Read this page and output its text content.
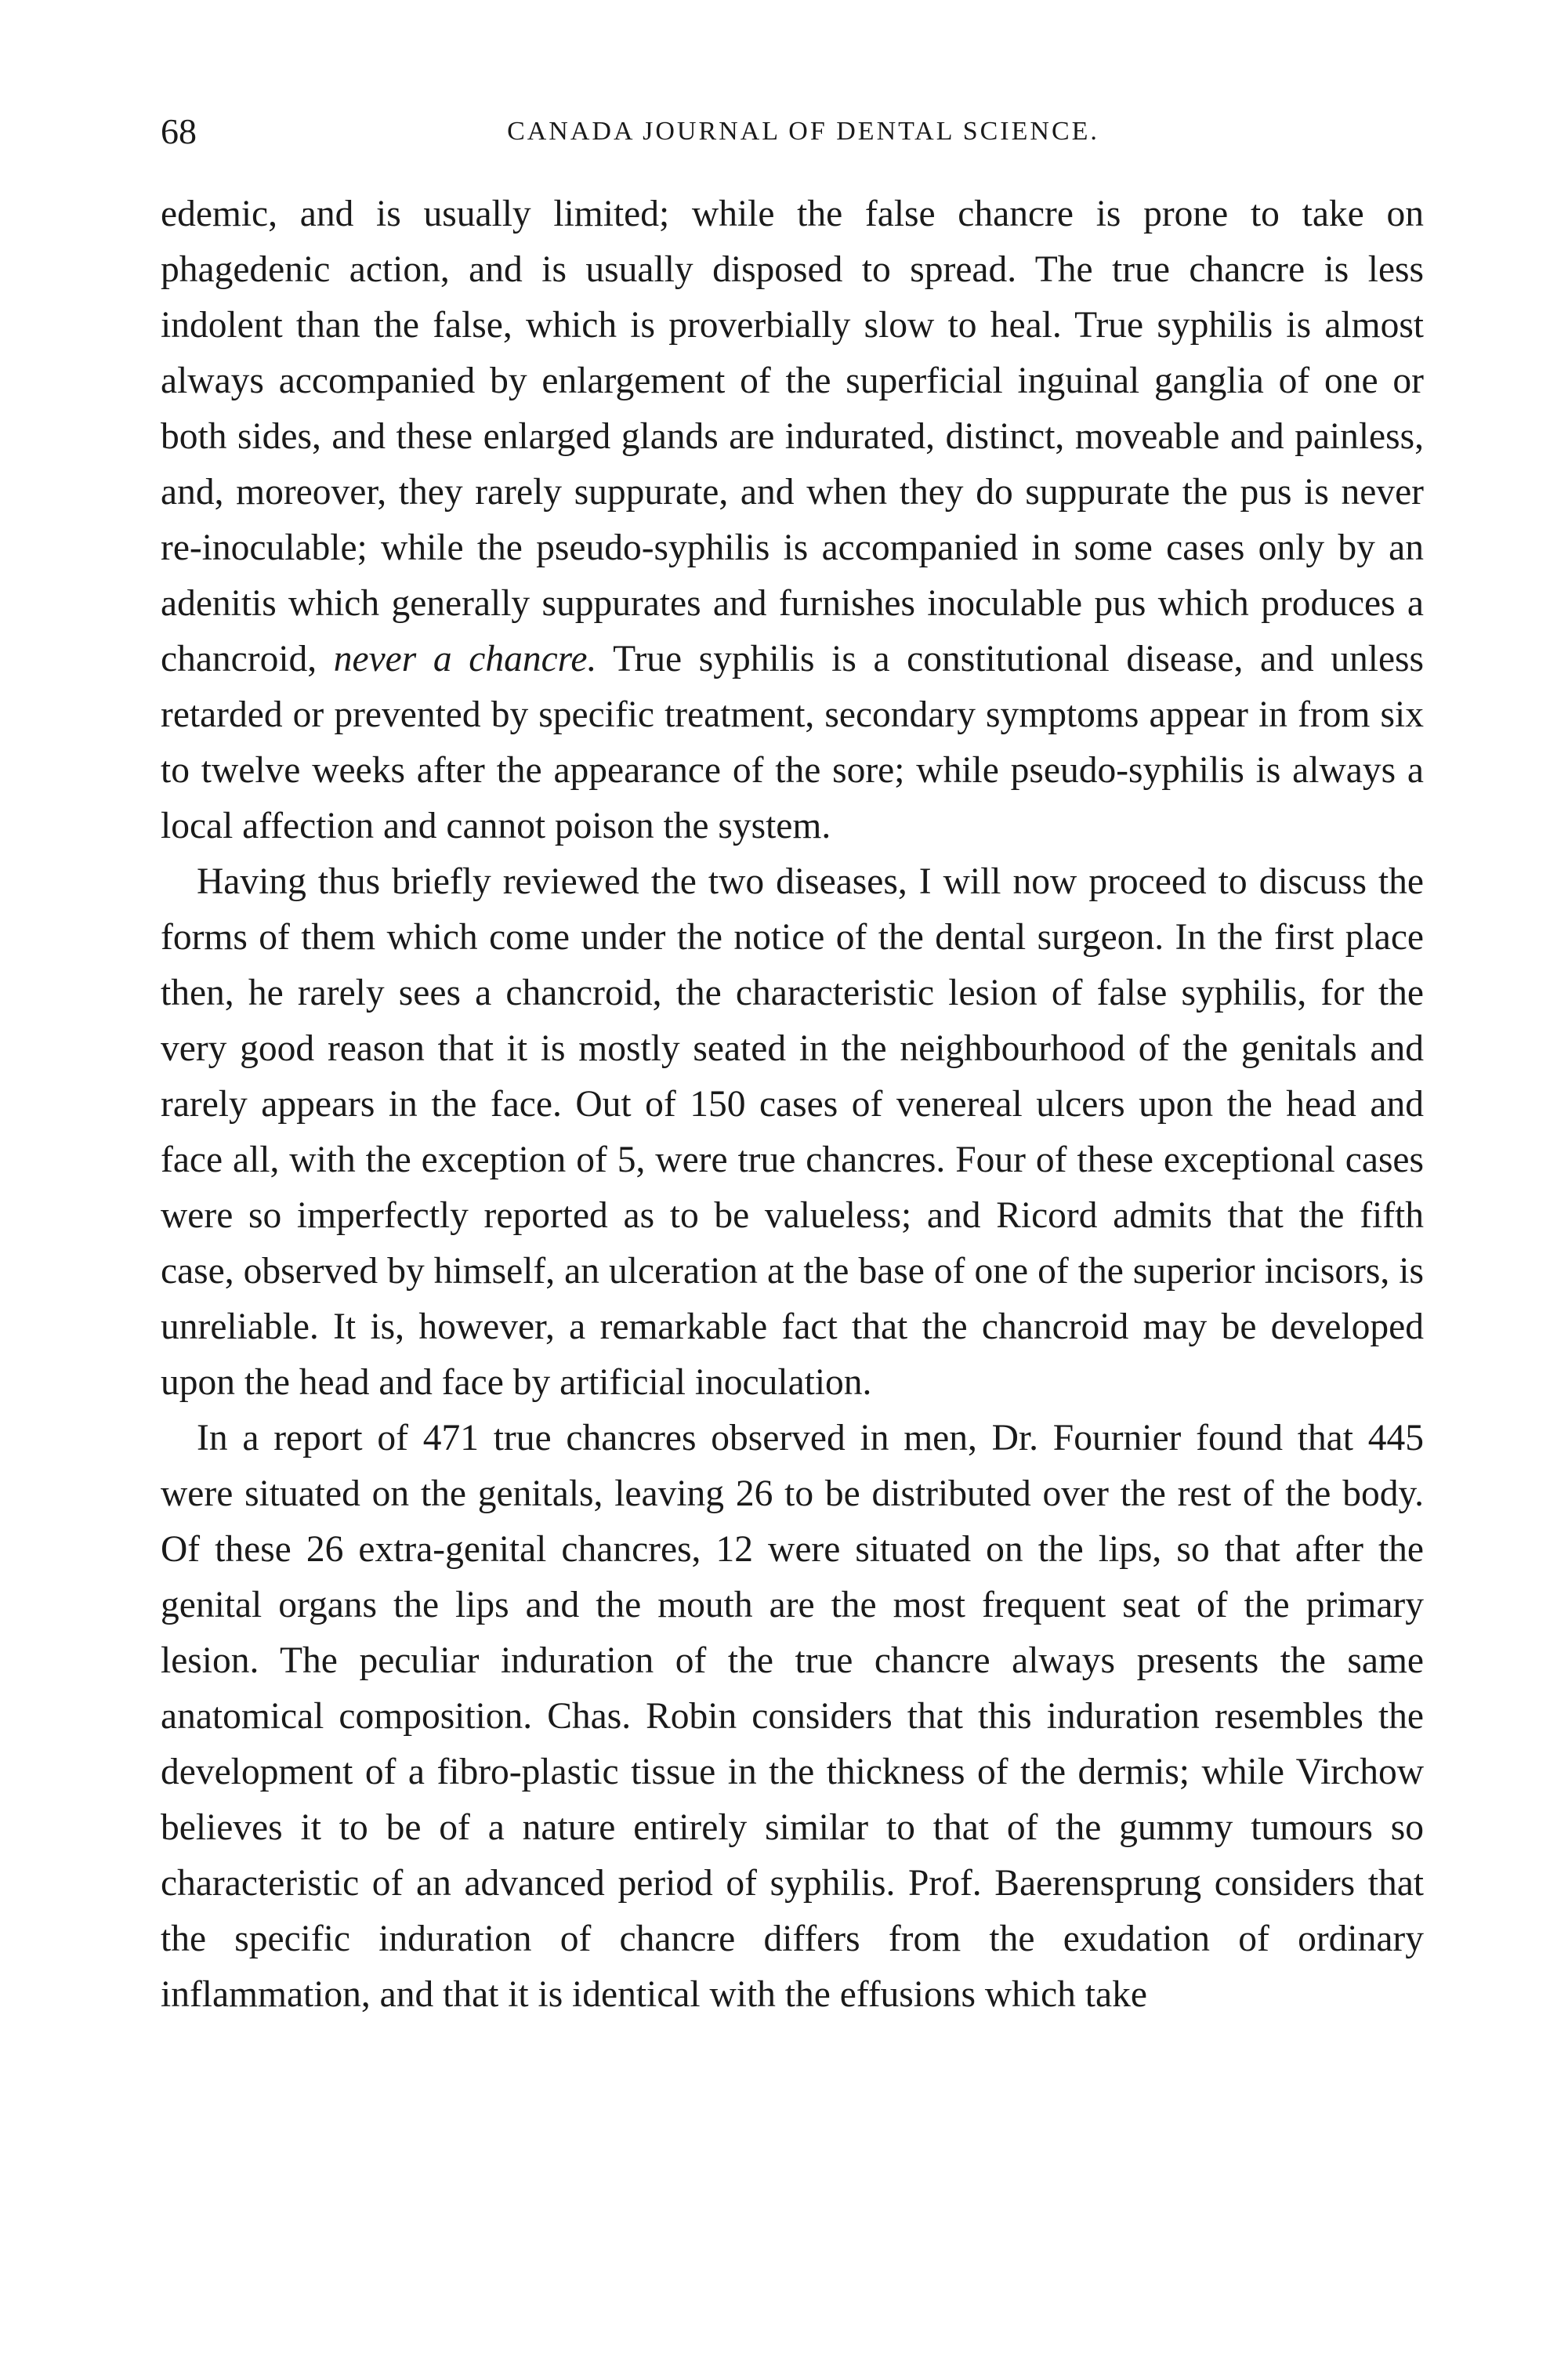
68	CANADA JOURNAL OF DENTAL SCIENCE.

edemic, and is usually limited; while the false chancre is prone to take on phagedenic action, and is usually disposed to spread. The true chancre is less indolent than the false, which is proverbially slow to heal. True syphilis is almost always accompanied by enlargement of the superficial inguinal ganglia of one or both sides, and these enlarged glands are indurated, distinct, moveable and painless, and, moreover, they rarely suppurate, and when they do suppurate the pus is never re-inoculable; while the pseudo-syphilis is accompanied in some cases only by an adenitis which generally suppurates and furnishes inoculable pus which produces a chancroid, never a chancre. True syphilis is a constitutional disease, and unless retarded or prevented by specific treatment, secondary symptoms appear in from six to twelve weeks after the appearance of the sore; while pseudo-syphilis is always a local affection and cannot poison the system.

Having thus briefly reviewed the two diseases, I will now proceed to discuss the forms of them which come under the notice of the dental surgeon. In the first place then, he rarely sees a chancroid, the characteristic lesion of false syphilis, for the very good reason that it is mostly seated in the neighbourhood of the genitals and rarely appears in the face. Out of 150 cases of venereal ulcers upon the head and face all, with the exception of 5, were true chancres. Four of these exceptional cases were so imperfectly reported as to be valueless; and Ricord admits that the fifth case, observed by himself, an ulceration at the base of one of the superior incisors, is unreliable. It is, however, a remarkable fact that the chancroid may be developed upon the head and face by artificial inoculation.

In a report of 471 true chancres observed in men, Dr. Fournier found that 445 were situated on the genitals, leaving 26 to be distributed over the rest of the body. Of these 26 extra-genital chancres, 12 were situated on the lips, so that after the genital organs the lips and the mouth are the most frequent seat of the primary lesion. The peculiar induration of the true chancre always presents the same anatomical composition. Chas. Robin considers that this induration resembles the development of a fibro-plastic tissue in the thickness of the dermis; while Virchow believes it to be of a nature entirely similar to that of the gummy tumours so characteristic of an advanced period of syphilis. Prof. Baerensprung considers that the specific induration of chancre differs from the exudation of ordinary inflammation, and that it is identical with the effusions which take
